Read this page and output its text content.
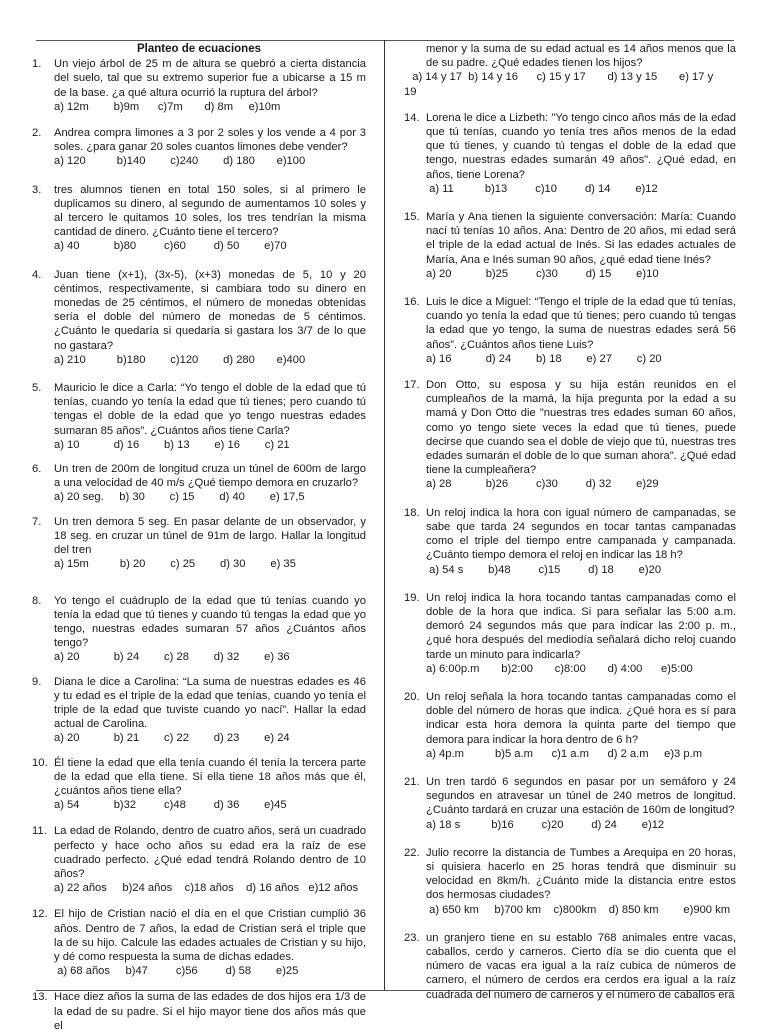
Planteo de ecuaciones
1. Un viejo árbol de 25 m de altura se quebró a cierta distancia del suelo, tal que su extremo superior fue a ubicarse a 15 m de la base. ¿a qué altura ocurrió la ruptura del árbol?
a) 12m        b)9m      c)7m       d) 8m     e)10m
2. Andrea compra limones a 3 por 2 soles y los vende a 4 por 3 soles. ¿para ganar 20 soles cuantos limones debe vender?
a) 120          b)140        c)240        d) 180       e)100
3. tres alumnos tienen en total 150 soles, si al primero le duplicamos su dinero, al segundo de aumentamos 10 soles y al tercero le quitamos 10 soles, los tres tendrían la misma cantidad de dinero. ¿Cuánto tiene el tercero?
a) 40           b)80         c)60         d) 50        e)70
4. Juan tiene (x+1), (3x-5), (x+3) monedas de 5, 10 y 20 céntimos, respectivamente, si cambiara todo su dinero en monedas de 25 céntimos, el número de monedas obtenidas sería el doble del número de monedas de 5 céntimos. ¿Cuánto le quedaría si quedaría si gastara los 3/7 de lo que no gastara?
a) 210          b)180        c)120        d) 280       e)400
5. Mauricio le dice a Carla: “Yo tengo el doble de la edad que tú tenías, cuando yo tenía la edad que tú tienes; pero cuando tú tengas el doble de la edad que yo tengo nuestras edades sumaran 85 años”. ¿Cuántos años tiene Carla?
a) 10           d) 16        b) 13        e) 16        c) 21
6. Un tren de 200m de longitud cruza un túnel de 600m de largo a una velocidad de 40 m/s ¿Qué tiempo demora en cruzarlo?
a) 20 seg.     b) 30        c) 15        d) 40        e) 17,5
7. Un tren demora 5 seg. En pasar delante de un observador, y 18 seg. en cruzar un túnel de 91m de largo. Hallar la longitud del tren
a) 15m          b) 20        c) 25        d) 30        e) 35
8. Yo tengo el cuádruplo de la edad que tú tenías cuando yo tenía la edad que tú tienes y cuando tú tengas la edad que yo tengo, nuestras edades sumaran 57 años ¿Cuántos años tengo?
a) 20           b) 24        c) 28        d) 32        e) 36
9. Diana le dice a Carolina: “La suma de nuestras edades es 46 y tu edad es el triple de la edad que tenías, cuando yo tenía el triple de la edad que tuviste cuando yo nací”. Hallar la edad actual de Carolina.
a) 20           b) 21        c) 22        d) 23        e) 24
10. Él tiene la edad que ella tenía cuando él tenía la tercera parte de la edad que ella tiene. Si ella tiene 18 años más que él, ¿cuántos años tiene ella?
a) 54           b)32         c)48         d) 36        e)45
11. La edad de Rolando, dentro de cuatro años, será un cuadrado perfecto y hace ocho años su edad era la raíz de ese cuadrado perfecto. ¿Qué edad tendrá Rolando dentro de 10 años?
a) 22 años     b)24 años    c)18 años    d) 16 años   e)12 años
12. El hijo de Cristian nació el día en el que Cristian cumplió 36 años. Dentro de 7 años, la edad de Cristian será el triple que la de su hijo. Calcule las edades actuales de Cristian y su hijo, y dé como respuesta la suma de dichas edades.
a) 68 años     b)47         c)56         d) 58        e)25
13. Hace diez años la suma de las edades de dos hijos era 1/3 de la edad de su padre. Si el hijo mayor tiene dos años más que el
menor y la suma de su edad actual es 14 años menos que la de su padre. ¿Qué edades tienen los hijos?
a) 14 y 17  b) 14 y 16      c) 15 y 17       d) 13 y 15       e) 17 y
19
14. Lorena le dice a Lizbeth: "Yo tengo cinco años más de la edad que tú tenías, cuando yo tenía tres años menos de la edad que tú tienes, y cuando tú tengas el doble de la edad que tengo, nuestras edades sumarán 49 años". ¿Qué edad, en años, tiene Lorena?
a) 11          b)13         c)10         d) 14        e)12
15. María y Ana tienen la siguiente conversación: María: Cuando nací tú tenías 10 años. Ana: Dentro de 20 años, mi edad será el triple de la edad actual de Inés. Si las edades actuales de María, Ana e Inés suman 90 años, ¿qué edad tiene Inés?
a) 20           b)25         c)30         d) 15        e)10
16. Luis le dice a Miguel: “Tengo el triple de la edad que tú tenías, cuando yo tenía la edad que tú tienes; pero cuando tú tengas la edad que yo tengo, la suma de nuestras edades será 56 años”. ¿Cuántos años tiene Luis?
a) 16           d) 24        b) 18        e) 27        c) 20
17. Don Otto, su esposa y su hija están reunidos en el cumpleaños de la mamá, la hija pregunta por la edad a su mamá y Don Otto die "nuestras tres edades suman 60 años, como yo tengo siete veces la edad que tú tienes, puede decirse que cuando sea el doble de viejo que tú, nuestras tres edades sumarán el doble de lo que suman ahora". ¿Qué edad tiene la cumpleañera?
a) 28           b)26         c)30         d) 32        e)29
18. Un reloj indica la hora con igual número de campanadas, se sabe que tarda 24 segundos en tocar tantas campanadas como el triple del tiempo entre campanada y campanada. ¿Cuánto tiempo demora el reloj en indicar las 18 h?
a) 54 s        b)48         c)15         d) 18        e)20
19. Un reloj indica la hora tocando tantas campanadas como el doble de la hora que indica. Si para señalar las 5:00 a.m. demoró 24 segundos más que para indicar las 2:00 p. m., ¿qué hora después del mediodía señalará dicho reloj cuando tarde un minuto para indicarla?
a) 6:00p.m       b)2:00       c)8:00       d) 4:00      e)5:00
20. Un reloj señala la hora tocando tantas campanadas como el doble del número de horas que indica. ¿Qué hora es sí para indicar esta hora demora la quinta parte del tiempo que demora para indicar la hora dentro de 6 h?
a) 4p.m          b)5 a.m      c)1 a.m      d) 2 a.m     e)3 p.m
21. Un tren tardó 6 segundos en pasar por un semáforo y 24 segundos en atravesar un túnel de 240 metros de longitud. ¿Cuánto tardará en cruzar una estación de 160m de longitud?
a) 18 s          b)16         c)20         d) 24        e)12
22. Julio recorre la distancia de Tumbes a Arequipa en 20 horas, si quisiera hacerlo en 25 horas tendrá que disminuir su velocidad en 8km/h. ¿Cuánto mide la distancia entre estos dos hermosas ciudades?
a) 650 km     b)700 km    c)800km    d) 850 km        e)900 km
23. un granjero tiene en su establo 768 animales entre vacas, caballos, cerdo y carneros. Cierto día se dio cuenta que el número de vacas era igual a la raíz cubica de números de carnero, el número de cerdos era cerdos era igual a la raíz cuadrada del número de carneros y el número de caballos era
